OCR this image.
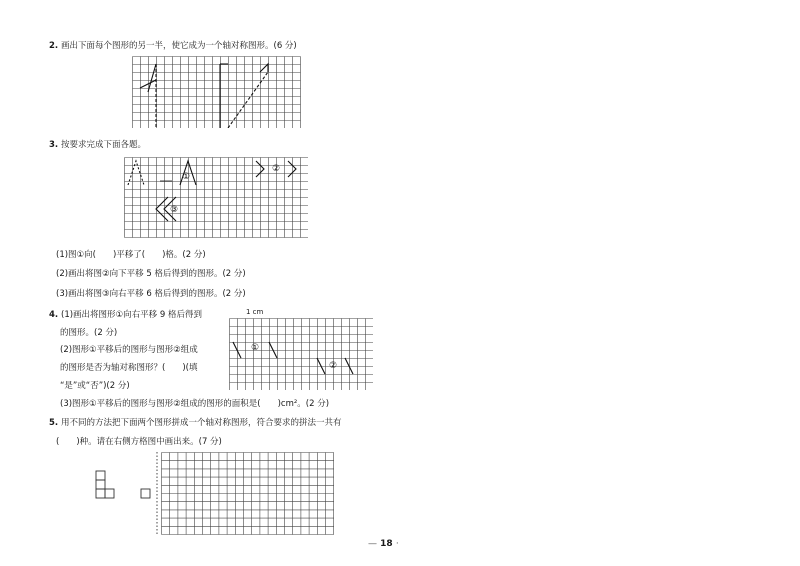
2. 画出下面每个图形的另一半，使它成为一个轴对称图形。(6 分)
3. 按要求完成下面各题。
①
②
③
(1)图①向(　　)平移了(　　)格。(2 分)
(2)画出将图②向下平移 5 格后得到的图形。(2 分)
(3)画出将图③向右平移 6 格后得到的图形。(2 分)
4. (1)画出将图形①向右平移 9 格后得到
的图形。(2 分)
(2)图形①平移后的图形与图形②组成
的图形是否为轴对称图形？(　　)(填
“是”或“否”)(2 分)
(3)图形①平移后的图形与图形②组成的图形的面积是(　　)cm²。(2 分)
1 cm
①
②
5. 用不同的方法把下面两个图形拼成一个轴对称图形，符合要求的拼法一共有
(　　)种。请在右侧方格图中画出来。(7 分)
— 18 ·
